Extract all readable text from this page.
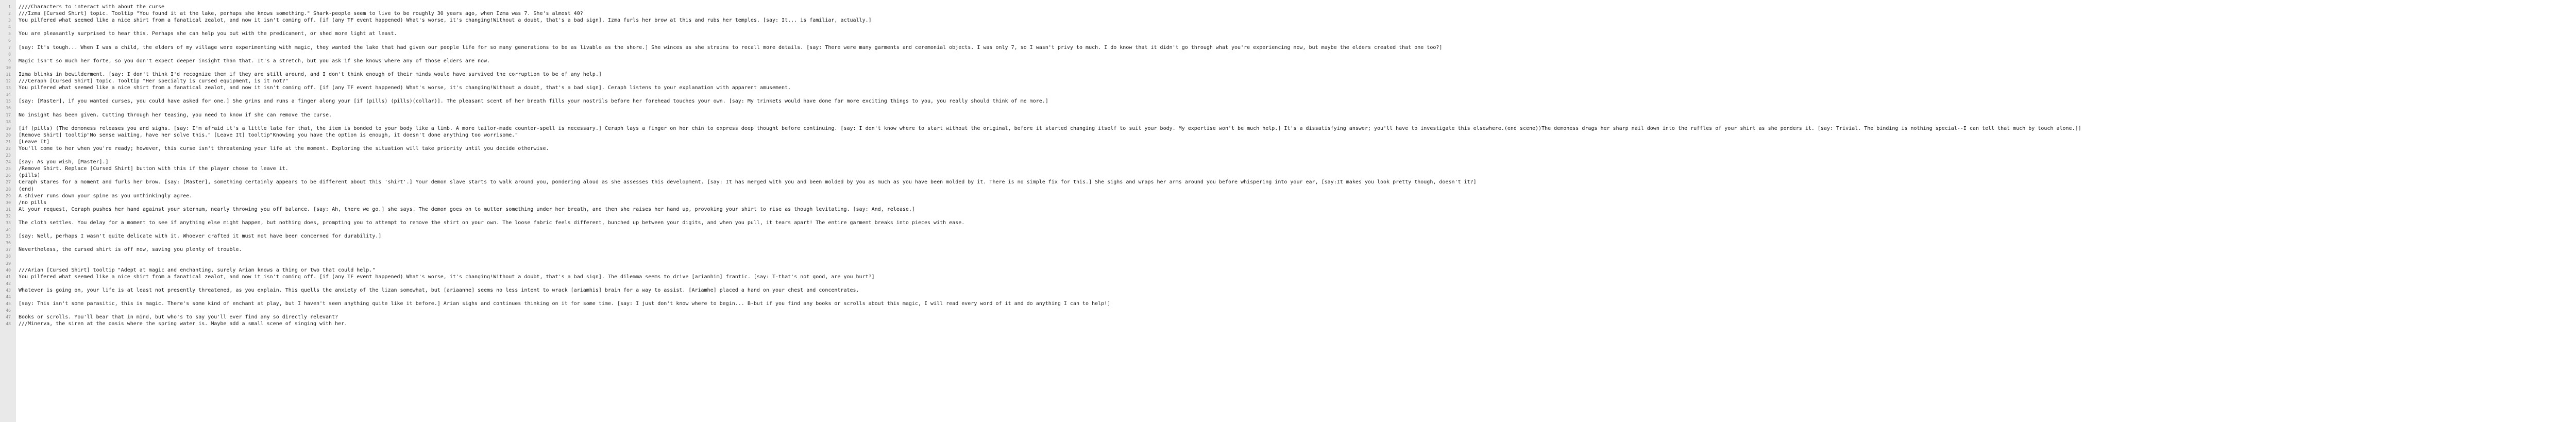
1
2
3
4
5
6
7
8
9
10
11
12
13
14
15
16
17
18
19
20
21
22
23
24
25
26
27
28
29
30
31
32
33
34
35
36
37
38
39
40
41
42
43
44
45
46
47
48
////Characters to interact with about the curse
///Izma [Cursed Shirt] topic. Tooltip "You found it at the lake, perhaps she knows something." Shark-people seem to live to be roughly 30 years ago, when Izma was 7. She's almost 40?
You pilfered what seemed like a nice shirt from a fanatical zealot, and now it isn't coming off. [if (any TF event happened) What's worse, it's changing!Without a doubt, that's a bad sign]. Izma furls her brow at this and rubs her temples. [say: It... is familiar, actually.]
You are pleasantly surprised to hear this. Perhaps she can help you out with the predicament, or shed more light at least.
[say: It's tough... When I was a child, the elders of my village were experimenting with magic, they wanted the lake that had given our people life for so many generations to be as livable as the shore.] She winces as she strains to recall more details. [say: There were many garments and ceremonial objects. I was only 7, so I wasn't privy to much. I do know that it didn't go through what you're experiencing now, but maybe the elders created that one too?]
Magic isn't so much her forte, so you don't expect deeper insight than that. It's a stretch, but you ask if she knows where any of those elders are now.
Izma blinks in bewilderment. [say: I don't think I'd recognize them if they are still around, and I don't think enough of their minds would have survived the corruption to be of any help.]
///Ceraph [Cursed Shirt] topic. Tooltip "Her specialty is cursed equipment, is it not?"
You pilfered what seemed like a nice shirt from a fanatical zealot, and now it isn't coming off. [if (any TF event happened) What's worse, it's changing!Without a doubt, that's a bad sign]. Ceraph listens to your explanation with apparent amusement.
[say: [Master], if you wanted curses, you could have asked for one.] She grins and runs a finger along your [if (pills) (pills)(collar)]. The pleasant scent of her breath fills your nostrils before her forehead touches your own. [say: My trinkets would have done far more exciting things to you, you really should think of me more.]
No insight has been given. Cutting through her teasing, you need to know if she can remove the curse.
[if (pills) (The demoness releases you and sighs. [say: I'm afraid it's a little late for that, the item is bonded to your body like a limb. A more tailor-made counter-spell is necessary.] Ceraph lays a finger on her chin to express deep thought before continuing. [say: I don't know where to start without the original, before it started changing itself to suit your body. My expertise won't be much help.] It's a dissatisfying answer; you'll have to investigate this elsewhere.(end scene))The demoness drags her sharp nail down into the ruffles of your shirt as she ponders it. [say: Trivial. The binding is nothing special--I can tell that much by touch alone.]]
[Remove Shirt] tooltip"No sense waiting, have her solve this." [Leave It] tooltip"Knowing you have the option is enough, it doesn't done anything too worrisome."
[Leave It]
You'll come to her when you're ready; however, this curse isn't threatening your life at the moment. Exploring the situation will take priority until you decide otherwise.
[say: As you wish, [Master].]
/Remove Shirt. Replace [Cursed Shirt] button with this if the player chose to leave it.
(pills)
Ceraph stares for a moment and furls her brow. [say: [Master], something certainly appears to be different about this 'shirt'.] Your demon slave starts to walk around you, pondering aloud as she assesses this development. [say: It has merged with you and been molded by you as much as you have been molded by it. There is no simple fix for this.] She sighs and wraps her arms around you before whispering into your ear, [say:It makes you look pretty though, doesn't it?]
(end)
A shiver runs down your spine as you unthinkingly agree.
/no pills
At your request, Ceraph pushes her hand against your sternum, nearly throwing you off balance. [say: Ah, there we go.] she says. The demon goes on to mutter something under her breath, and then she raises her hand up, provoking your shirt to rise as though levitating. [say: And, release.]
The cloth settles. You delay for a moment to see if anything else might happen, but nothing does, prompting you to attempt to remove the shirt on your own. The loose fabric feels different, bunched up between your digits, and when you pull, it tears apart! The entire garment breaks into pieces with ease.
[say: Well, perhaps I wasn't quite delicate with it. Whoever crafted it must not have been concerned for durability.]
Nevertheless, the cursed shirt is off now, saving you plenty of trouble.
///Arian [Cursed Shirt] tooltip "Adept at magic and enchanting, surely Arian knows a thing or two that could help."
You pilfered what seemed like a nice shirt from a fanatical zealot, and now it isn't coming off. [if (any TF event happened) What's worse, it's changing!Without a doubt, that's a bad sign]. The dilemma seems to drive [arianhim] frantic. [say: T-that's not good, are you hurt?]
Whatever is going on, your life is at least not presently threatened, as you explain. This quells the anxiety of the lizan somewhat, but [ariaanhe] seems no less intent to wrack [ariamhis] brain for a way to assist. [Ariamhe] placed a hand on your chest and concentrates.
[say: This isn't some parasitic, this is magic. There's some kind of enchant at play, but I haven't seen anything quite like it before.] Arian sighs and continues thinking on it for some time. [say: I just don't know where to begin... B-but if you find any books or scrolls about this magic, I will read every word of it and do anything I can to help!]
Books or scrolls. You'll bear that in mind, but who's to say you'll ever find any so directly relevant?
///Minerva, the siren at the oasis where the spring water is. Maybe add a small scene of singing with her.
